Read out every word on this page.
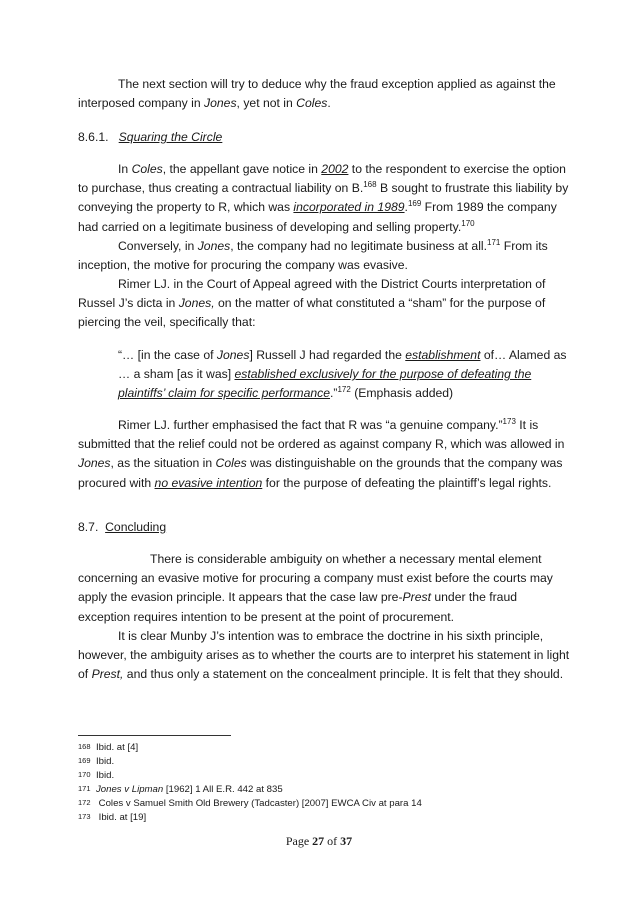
The next section will try to deduce why the fraud exception applied as against the interposed company in Jones, yet not in Coles.

8.6.1. Squaring the Circle

In Coles, the appellant gave notice in 2002 to the respondent to exercise the option to purchase, thus creating a contractual liability on B.$^{168}$ B sought to frustrate this liability by conveying the property to R, which was incorporated in 1989.$^{169}$ From 1989 the company had carried on a legitimate business of developing and selling property.$^{170}$

Conversely, in Jones, the company had no legitimate business at all.$^{171}$ From its inception, the motive for procuring the company was evasive.

Rimer LJ. in the Court of Appeal agreed with the District Courts interpretation of Russel J’s dicta in Jones, on the matter of what constituted a “sham” for the purpose of piercing the veil, specifically that:

“… [in the case of Jones] Russell J had regarded the establishment of… Alamed as … a sham [as it was] established exclusively for the purpose of defeating the plaintiffs’ claim for specific performance.”$^{172}$ (Emphasis added)

Rimer LJ. further emphasised the fact that R was “a genuine company.”$^{173}$ It is submitted that the relief could not be ordered as against company R, which was allowed in Jones, as the situation in Coles was distinguishable on the grounds that the company was procured with no evasive intention for the purpose of defeating the plaintiff’s legal rights.

8.7. Concluding

There is considerable ambiguity on whether a necessary mental element concerning an evasive motive for procuring a company must exist before the courts may apply the evasion principle. It appears that the case law pre-Prest under the fraud exception requires intention to be present at the point of procurement.

It is clear Munby J’s intention was to embrace the doctrine in his sixth principle, however, the ambiguity arises as to whether the courts are to interpret his statement in light of Prest, and thus only a statement on the concealment principle. It is felt that they should.

168 Ibid. at [4]

169 Ibid.

170 Ibid.

171 Jones v Lipman [1962] 1 All E.R. 442 at 835

172 Coles v Samuel Smith Old Brewery (Tadcaster) [2007] EWCA Civ at para 14

173 Ibid. at [19]

Page 27 of 37
